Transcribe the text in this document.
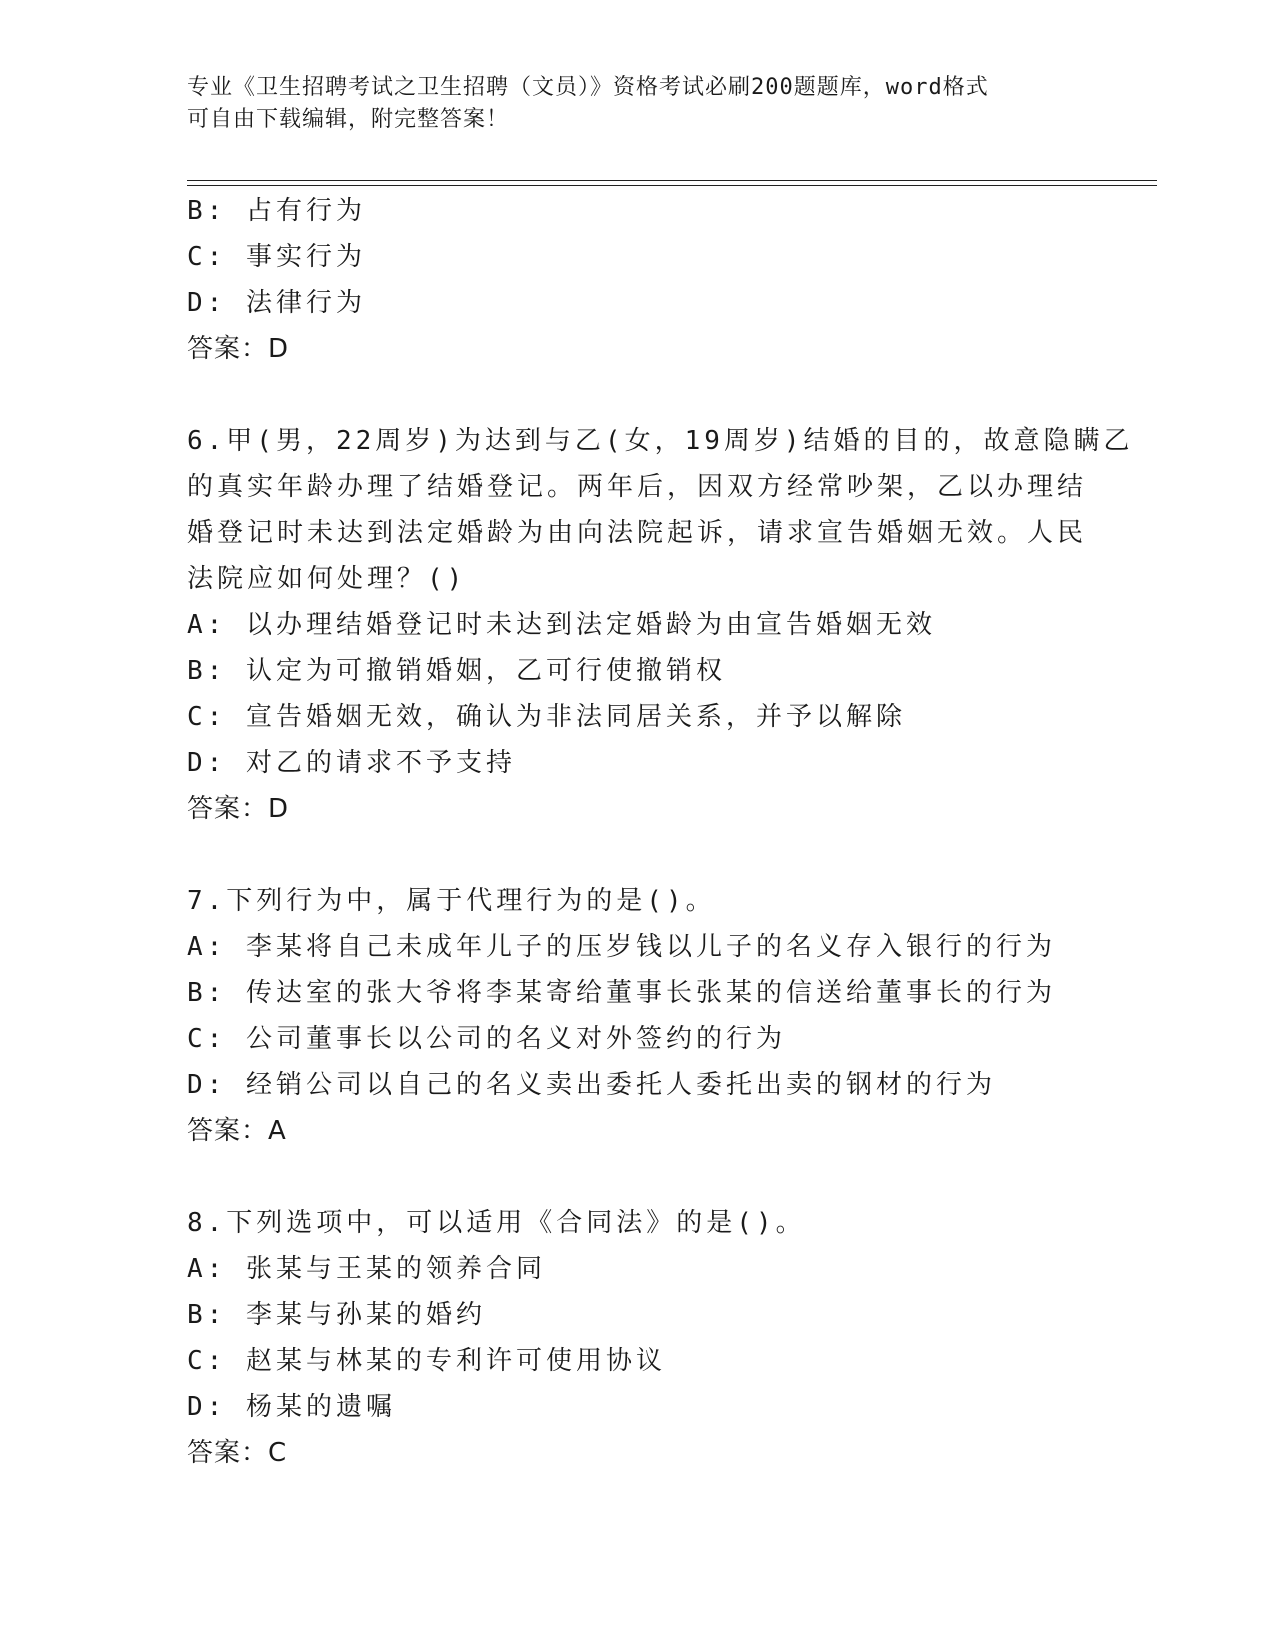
专业《卫生招聘考试之卫生招聘（文员）》资格考试必刷200题题库，word格式
可自由下载编辑，附完整答案！
B: 占有行为
C: 事实行为
D: 法律行为
答案：D
6.甲(男，22周岁)为达到与乙(女，19周岁)结婚的目的，故意隐瞒乙
的真实年龄办理了结婚登记。两年后，因双方经常吵架，乙以办理结
婚登记时未达到法定婚龄为由向法院起诉，请求宣告婚姻无效。人民
法院应如何处理？()
A: 以办理结婚登记时未达到法定婚龄为由宣告婚姻无效
B: 认定为可撤销婚姻，乙可行使撤销权
C: 宣告婚姻无效，确认为非法同居关系，并予以解除
D: 对乙的请求不予支持
答案：D
7.下列行为中，属于代理行为的是()。
A: 李某将自己未成年儿子的压岁钱以儿子的名义存入银行的行为
B: 传达室的张大爷将李某寄给董事长张某的信送给董事长的行为
C: 公司董事长以公司的名义对外签约的行为
D: 经销公司以自己的名义卖出委托人委托出卖的钢材的行为
答案：A
8.下列选项中，可以适用《合同法》的是()。
A: 张某与王某的领养合同
B: 李某与孙某的婚约
C: 赵某与林某的专利许可使用协议
D: 杨某的遗嘱
答案：C
